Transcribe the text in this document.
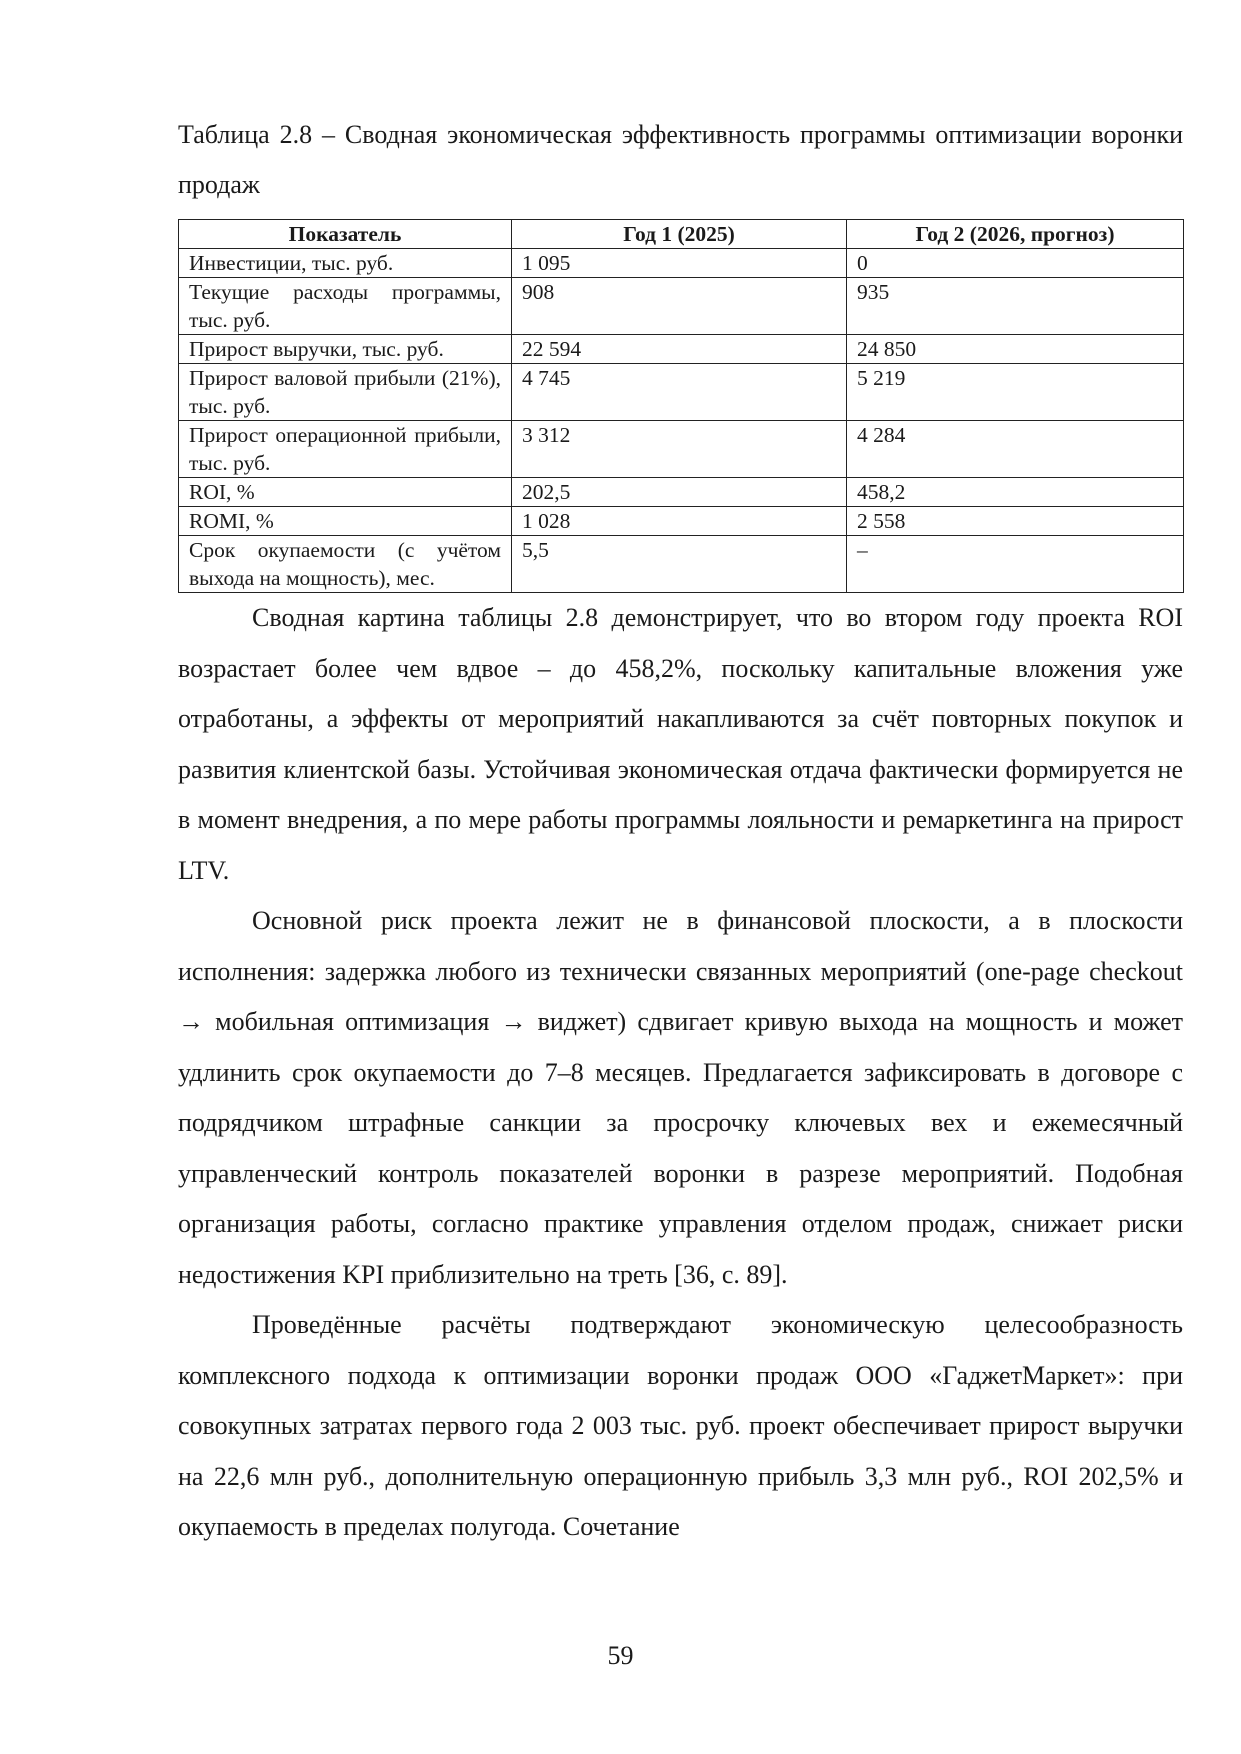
Таблица 2.8 – Сводная экономическая эффективность программы оптимизации воронки продаж

Показатель	Год 1 (2025)	Год 2 (2026, прогноз)
Инвестиции, тыс. руб.	1 095	0
Текущие расходы программы, тыс. руб.	908	935
Прирост выручки, тыс. руб.	22 594	24 850
Прирост валовой прибыли (21%), тыс. руб.	4 745	5 219
Прирост операционной прибыли, тыс. руб.	3 312	4 284
ROI, %	202,5	458,2
ROMI, %	1 028	2 558
Срок окупаемости (с учётом выхода на мощность), мес.	5,5	–

Сводная картина таблицы 2.8 демонстрирует, что во втором году проекта ROI возрастает более чем вдвое – до 458,2%, поскольку капитальные вложения уже отработаны, а эффекты от мероприятий накапливаются за счёт повторных покупок и развития клиентской базы. Устойчивая экономическая отдача фактически формируется не в момент внедрения, а по мере работы программы лояльности и ремаркетинга на прирост LTV.

Основной риск проекта лежит не в финансовой плоскости, а в плоскости исполнения: задержка любого из технически связанных мероприятий (one-page checkout → мобильная оптимизация → виджет) сдвигает кривую выхода на мощность и может удлинить срок окупаемости до 7–8 месяцев. Предлагается зафиксировать в договоре с подрядчиком штрафные санкции за просрочку ключевых вех и ежемесячный управленческий контроль показателей воронки в разрезе мероприятий. Подобная организация работы, согласно практике управления отделом продаж, снижает риски недостижения KPI приблизительно на треть [36, с. 89].

Проведённые расчёты подтверждают экономическую целесообразность комплексного подхода к оптимизации воронки продаж ООО «ГаджетМаркет»: при совокупных затратах первого года 2 003 тыс. руб. проект обеспечивает прирост выручки на 22,6 млн руб., дополнительную операционную прибыль 3,3 млн руб., ROI 202,5% и окупаемость в пределах полугода. Сочетание

59
